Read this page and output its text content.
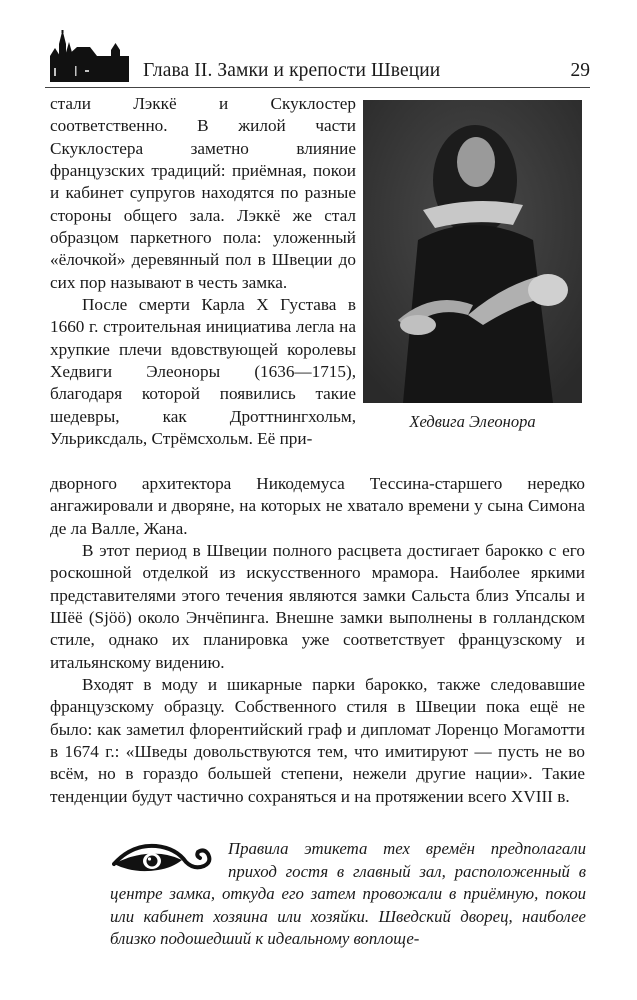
Глава II. Замки и крепости Швеции	29

стали Лэккё и Скуклостер соответственно. В жилой части Скуклостера заметно влияние французских традиций: приёмная, покои и кабинет супругов находятся по разные стороны общего зала. Лэккё же стал образцом паркетного пола: уложенный «ёлочкой» деревянный пол в Швеции до сих пор называют в честь замка.

После смерти Карла X Густава в 1660 г. строительная инициатива легла на хрупкие плечи вдовствующей королевы Хедвиги Элеоноры (1636—1715), благодаря которой появились такие шедевры, как Дроттнингхольм, Ульриксдаль, Стрёмсхольм. Её при-

Хедвига Элеонора

дворного архитектора Никодемуса Тессина-старшего нередко ангажировали и дворяне, на которых не хватало времени у сына Симона де ла Валле, Жана.

В этот период в Швеции полного расцвета достигает барокко с его роскошной отделкой из искусственного мрамора. Наиболее яркими представителями этого течения являются замки Сальста близ Упсалы и Шёё (Sjöö) около Энчёпинга. Внешне замки выполнены в голландском стиле, однако их планировка уже соответствует французскому и итальянскому видению.

Входят в моду и шикарные парки барокко, также следовавшие французскому образцу. Собственного стиля в Швеции пока ещё не было: как заметил флорентийский граф и дипломат Лоренцо Могамотти в 1674 г.: «Шведы довольствуются тем, что имитируют — пусть не во всём, но в гораздо большей степени, нежели другие нации». Такие тенденции будут частично сохраняться и на протяжении всего XVIII в.

Правила этикета тех времён предполагали приход гостя в главный зал, расположенный в центре замка, откуда его затем провожали в приёмную, покои или кабинет хозяина или хозяйки. Шведский дворец, наиболее близко подошедший к идеальному воплоще-
